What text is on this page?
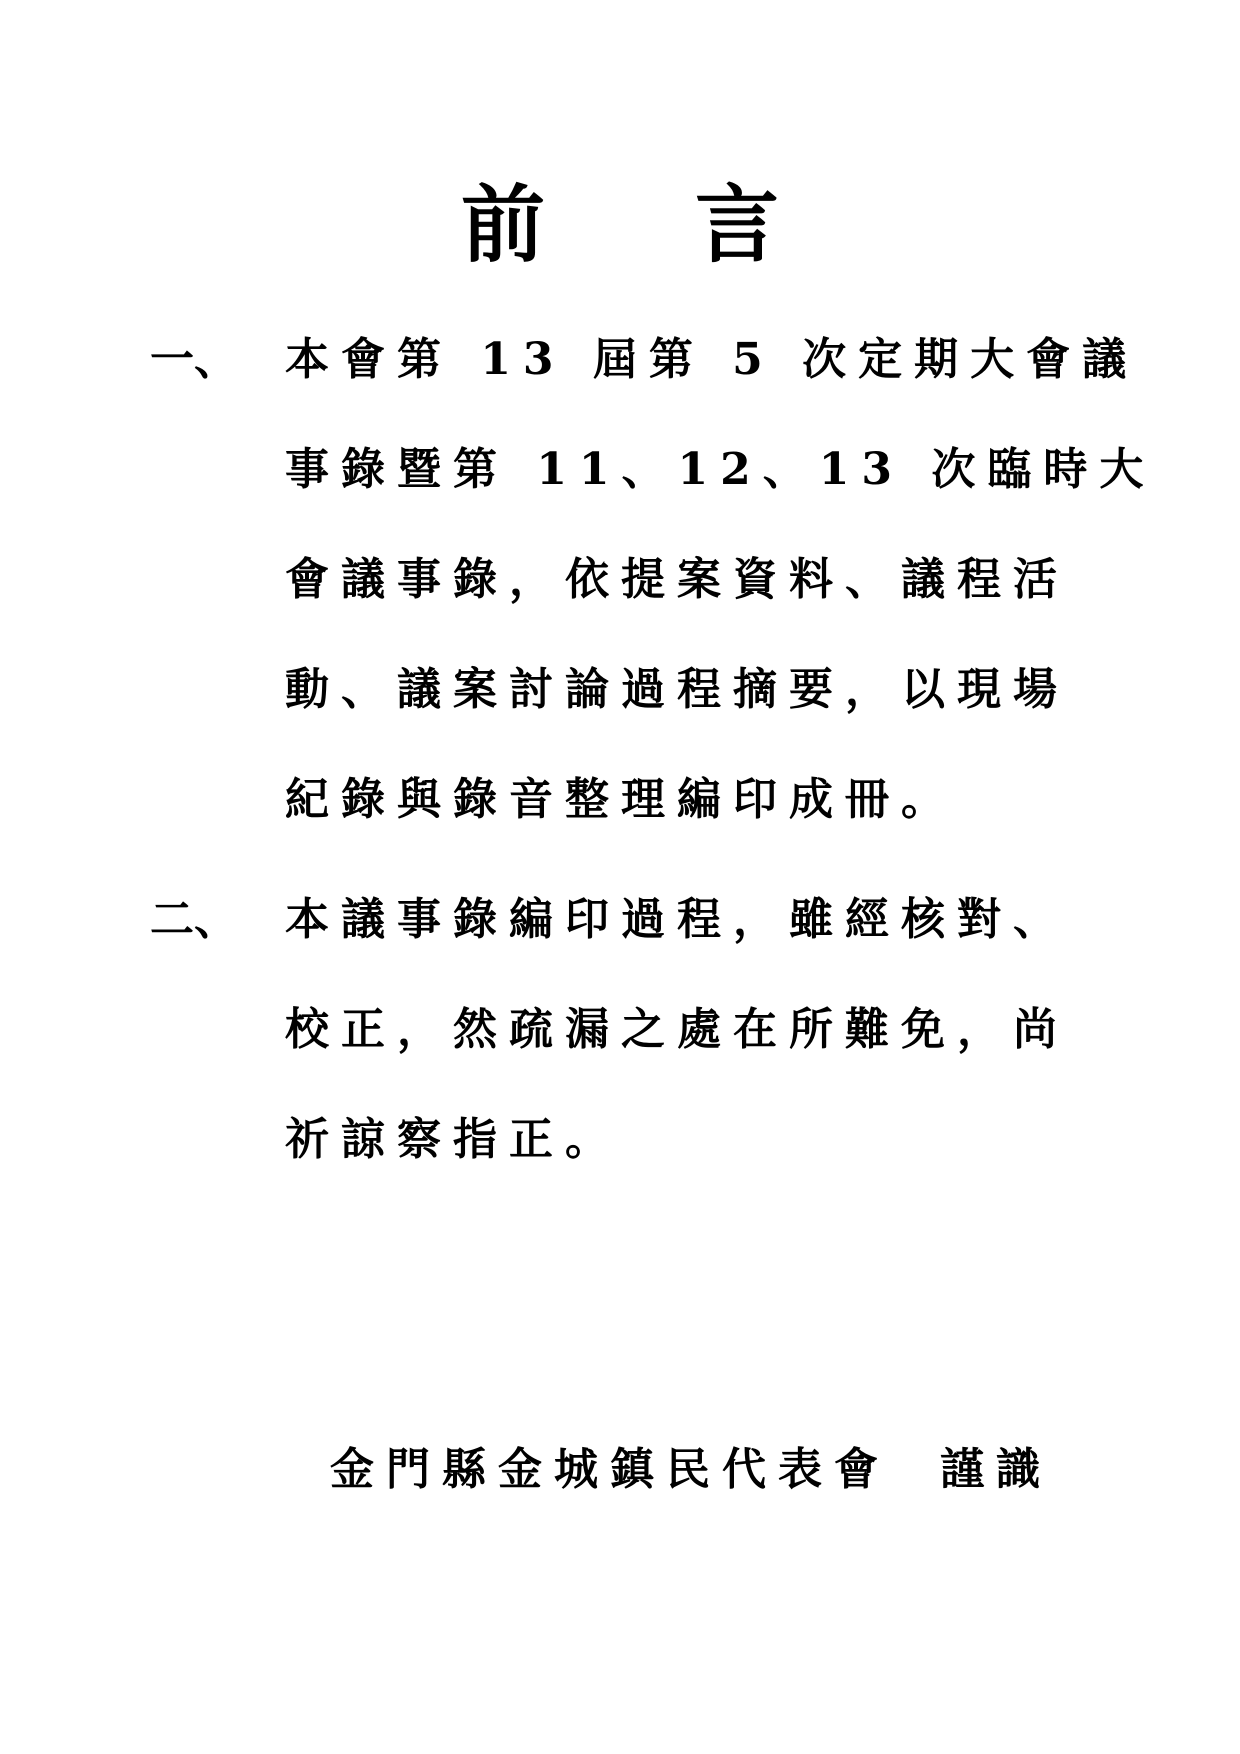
前 言
一、	本會第 13 屆第 5 次定期大會議
事錄暨第 11、12、13 次臨時大
會議事錄，依提案資料、議程活
動、議案討論過程摘要，以現場
紀錄與錄音整理編印成冊。
二、	本議事錄編印過程，雖經核對、
校正，然疏漏之處在所難免，尚
祈諒察指正。
金門縣金城鎮民代表會 謹識
